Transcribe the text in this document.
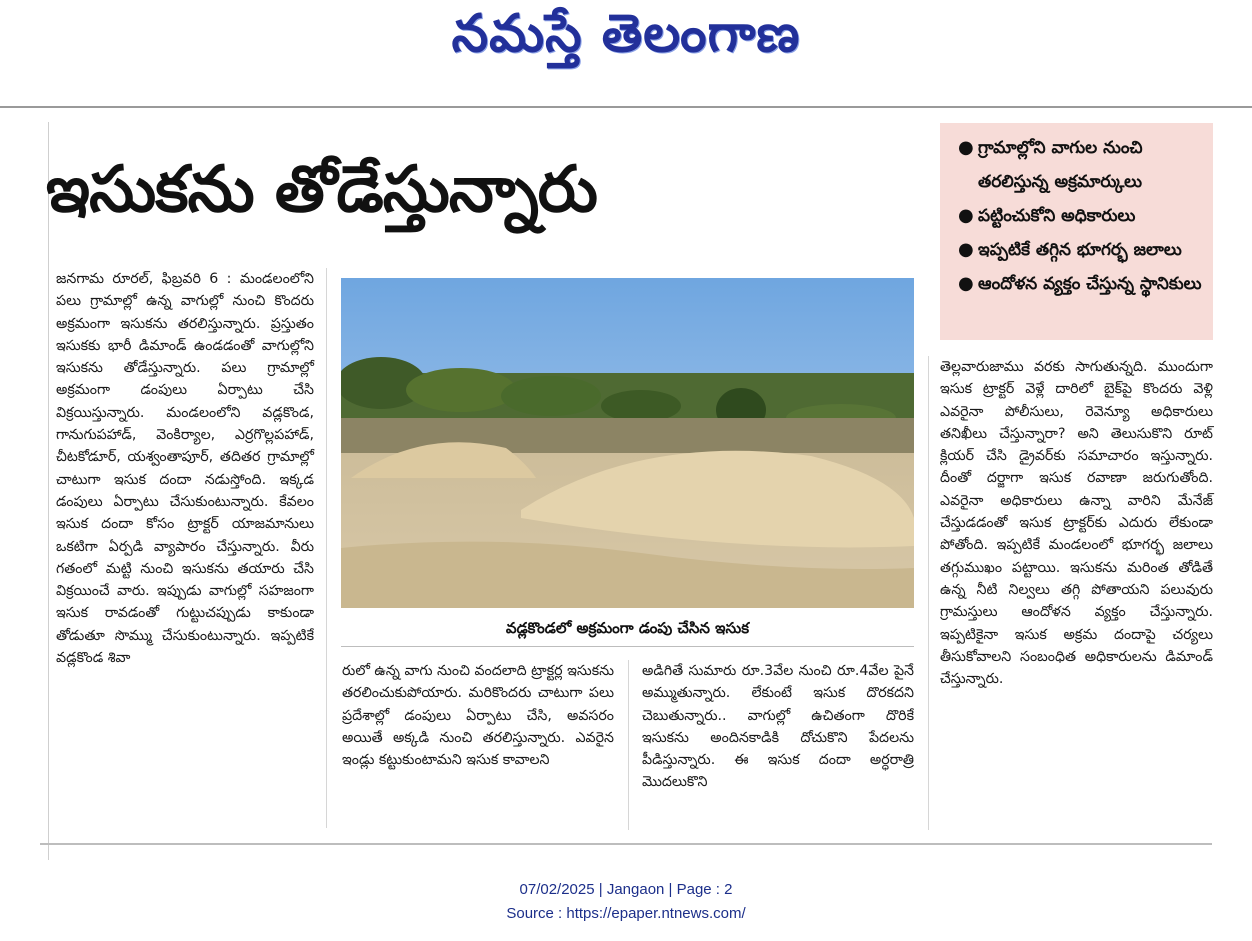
నమస్తే తెలంగాణ
ఇసుకను తోడేస్తున్నారు
● గ్రామాల్లోని వాగుల నుంచి తరలిస్తున్న అక్రమార్కులు
● పట్టించుకోని అధికారులు
● ఇప్పటికే తగ్గిన భూగర్భ జలాలు
● ఆందోళన వ్యక్తం చేస్తున్న స్థానికులు

జనగామ రూరల్, ఫిబ్రవరి 6 : మండలంలోని పలు గ్రామాల్లో ఉన్న వాగుల్లో నుంచి కొందరు అక్రమంగా ఇసుకను తరలిస్తున్నారు. ప్రస్తుతం ఇసుకకు భారీ డిమాండ్ ఉండడంతో వాగుల్లోని ఇసుకను తోడేస్తున్నారు. పలు గ్రామాల్లో అక్రమంగా డంపులు ఏర్పాటు చేసి విక్రయిస్తున్నారు. మండలంలోని వడ్లకొండ, గానుగుపహాడ్, వెంకిర్యాల, ఎర్రగొల్లపహాడ్, చీటకోడూర్, యశ్వంతాపూర్, తదితర గ్రామాల్లో చాటుగా ఇసుక దందా నడుస్తోంది. ఇక్కడ డంపులు ఏర్పాటు చేసుకుంటున్నారు. కేవలం ఇసుక దందా కోసం ట్రాక్టర్ యాజమానులు ఒకటిగా ఏర్పడి వ్యాపారం చేస్తున్నారు. వీరు గతంలో మట్టి నుంచి ఇసుకను తయారు చేసి విక్రయించే వారు. ఇప్పుడు వాగుల్లో సహజంగా ఇసుక రావడంతో గుట్టుచప్పుడు కాకుండా తోడుతూ సొమ్ము చేసుకుంటున్నారు. ఇప్పటికే వడ్లకొండ శివా

వడ్లకొండలో అక్రమంగా డంపు చేసిన ఇసుక

రులో ఉన్న వాగు నుంచి వందలాది ట్రాక్టర్ల ఇసుకను తరలించుకుపోయారు. మరికొందరు చాటుగా పలు ప్రదేశాల్లో డంపులు ఏర్పాటు చేసి, అవసరం అయితే అక్కడి నుంచి తరలిస్తున్నారు. ఎవరైన ఇండ్లు కట్టుకుంటామని ఇసుక కావాలని

అడిగితే సుమారు రూ.3వేల నుంచి రూ.4వేల పైనే అమ్ముతున్నారు. లేకుంటే ఇసుక దొరకదని చెబుతున్నారు.. వాగుల్లో ఉచితంగా దొరికే ఇసుకను అందినకాడికి దోచుకొని పేదలను పీడిస్తున్నారు. ఈ ఇసుక దందా అర్ధరాత్రి మొదలుకొని

తెల్లవారుజాము వరకు సాగుతున్నది. ముందుగా ఇసుక ట్రాక్టర్ వెళ్లే దారిలో బైక్‌పై కొందరు వెళ్లి ఎవరైనా పోలీసులు, రెవెన్యూ అధికారులు తనిఖీలు చేస్తున్నారా? అని తెలుసుకొని రూట్ క్లియర్ చేసి డ్రైవర్‌కు సమాచారం ఇస్తున్నారు. దీంతో దర్జాగా ఇసుక రవాణా జరుగుతోంది. ఎవరైనా అధికారులు ఉన్నా వారిని మేనేజ్ చేస్తుడడంతో ఇసుక ట్రాక్టర్‌కు ఎదురు లేకుండా పోతోంది. ఇప్పటికే మండలంలో భూగర్భ జలాలు తగ్గుముఖం పట్టాయి. ఇసుకను మరింత తోడితే ఉన్న నీటి నిల్వలు తగ్గి పోతాయని పలువురు గ్రామస్తులు ఆందోళన వ్యక్తం చేస్తున్నారు. ఇప్పటికైనా ఇసుక అక్రమ దందాపై చర్యలు తీసుకోవాలని సంబంధిత అధికారులను డిమాండ్ చేస్తున్నారు.

07/02/2025 | Jangaon | Page : 2
Source : https://epaper.ntnews.com/
